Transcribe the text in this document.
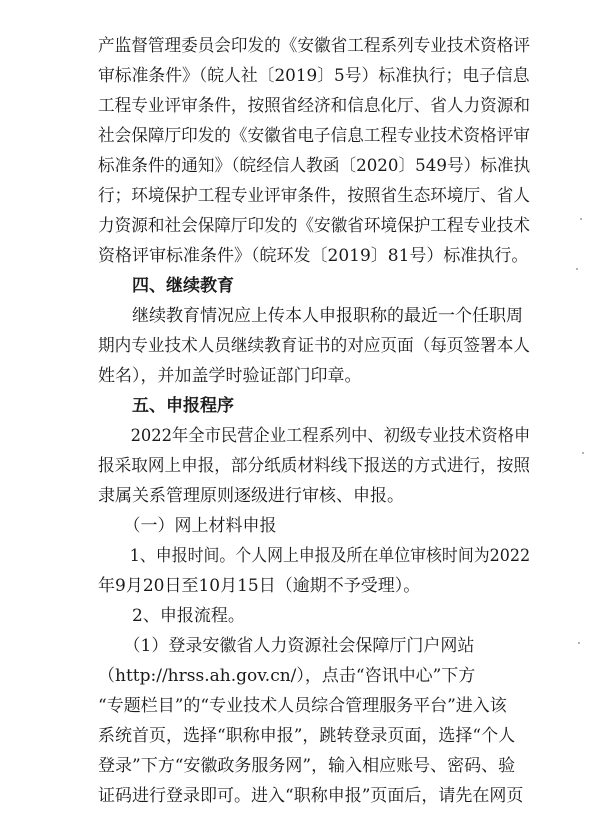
产监督管理委员会印发的《安徽省工程系列专业技术资格评
审标准条件》（皖人社〔2019〕5号）标准执行；电子信息
工程专业评审条件，按照省经济和信息化厅、省人力资源和
社会保障厅印发的《安徽省电子信息工程专业技术资格评审
标准条件的通知》（皖经信人教函〔2020〕549号）标准执
行；环境保护工程专业评审条件，按照省生态环境厅、省人
力资源和社会保障厅印发的《安徽省环境保护工程专业技术
资格评审标准条件》（皖环发〔2019〕81号）标准执行。
　　四、继续教育
　　继续教育情况应上传本人申报职称的最近一个任职周
期内专业技术人员继续教育证书的对应页面（每页签署本人
姓名），并加盖学时验证部门印章。
　　五、申报程序
　　2022年全市民营企业工程系列中、初级专业技术资格申
报采取网上申报，部分纸质材料线下报送的方式进行，按照
隶属关系管理原则逐级进行审核、申报。
　　（一）网上材料申报
　　1、申报时间。个人网上申报及所在单位审核时间为2022
年9月20日至10月15日（逾期不予受理）。
　　2、申报流程。
　　（1）登录安徽省人力资源社会保障厅门户网站
（http://hrss.ah.gov.cn/），点击“咨讯中心”下方
“专题栏目”的“专业技术人员综合管理服务平台”进入该
系统首页，选择“职称申报”，跳转登录页面，选择“个人
登录”下方“安徽政务服务网”，输入相应账号、密码、验
证码进行登录即可。进入“职称申报”页面后，请先在网页
